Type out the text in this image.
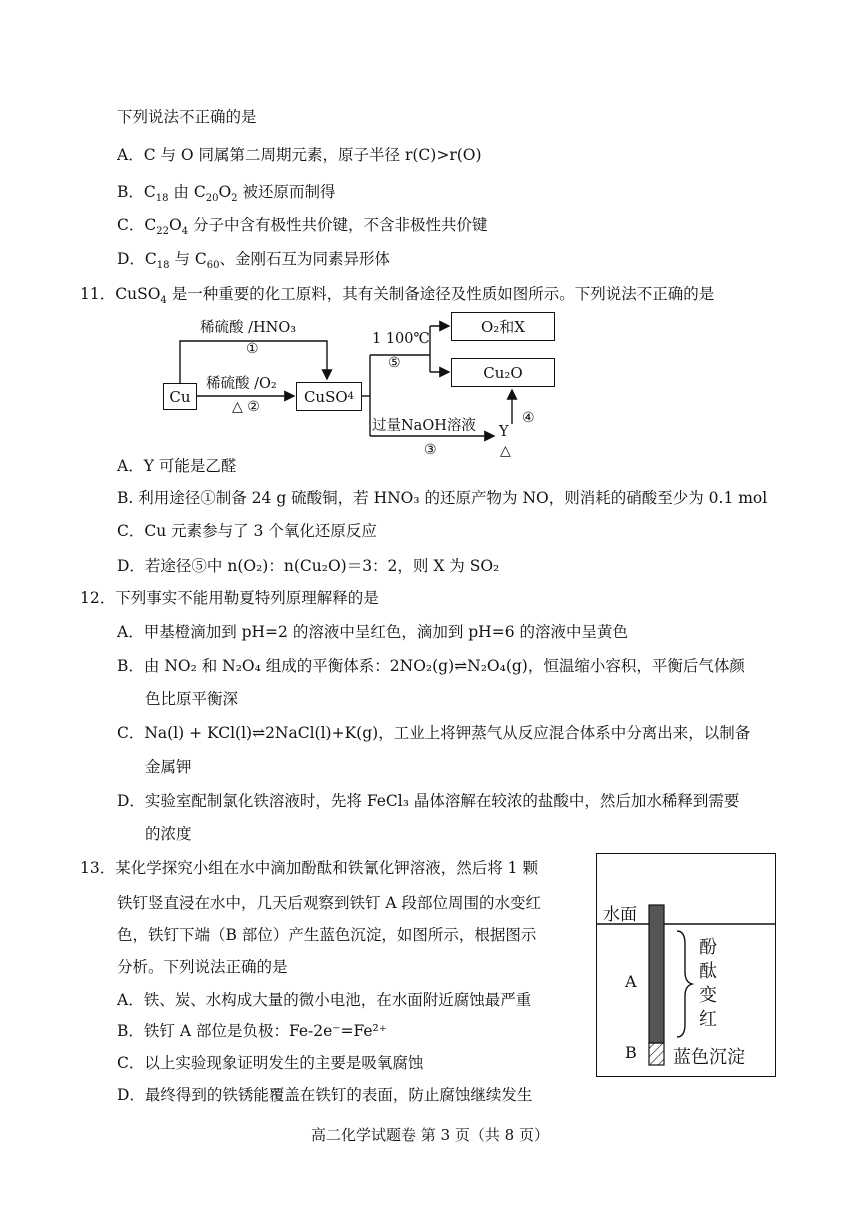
下列说法不正确的是
A．C 与 O 同属第二周期元素，原子半径 r(C)>r(O)
B．$C_{18}$ 由 $C_{20}O_2$ 被还原而制得
C．$C_{22}O_4$ 分子中含有极性共价键，不含非极性共价键
D．$C_{18}$ 与 $C_{60}$、金刚石互为同素异形体
11．CuSO$_4$ 是一种重要的化工原料，其有关制备途径及性质如图所示。下列说法不正确的是
Cu	CuSO 4
O₂和X
Cu₂O
稀硫酸 /HNO₃
①
稀硫酸 /O₂
△ ②
1 100℃
⑤
过量NaOH溶液
③
Y
△
④
A．Y 可能是乙醛
B. 利用途径①制备 24 g 硫酸铜，若 HNO₃ 的还原产物为 NO，则消耗的硝酸至少为 0.1 mol
C．Cu 元素参与了 3 个氧化还原反应
D．若途径⑤中 n(O₂)：n(Cu₂O)＝3：2，则 X 为 SO₂
12．下列事实不能用勒夏特列原理解释的是
A．甲基橙滴加到 pH=2 的溶液中呈红色，滴加到 pH=6 的溶液中呈黄色
B．由 NO₂ 和 N₂O₄ 组成的平衡体系：2NO₂(g)⇌N₂O₄(g)，恒温缩小容积，平衡后气体颜
色比原平衡深
C．Na(l) + KCl(l)⇌2NaCl(l)+K(g)，工业上将钾蒸气从反应混合体系中分离出来，以制备
金属钾
D．实验室配制氯化铁溶液时，先将 FeCl₃ 晶体溶解在较浓的盐酸中，然后加水稀释到需要
的浓度
13．某化学探究小组在水中滴加酚酞和铁氰化钾溶液，然后将 1 颗
铁钉竖直浸在水中，几天后观察到铁钉 A 段部位周围的水变红
色，铁钉下端（B 部位）产生蓝色沉淀，如图所示，根据图示
分析。下列说法正确的是
A．铁、炭、水构成大量的微小电池，在水面附近腐蚀最严重
B．铁钉 A 部位是负极：Fe-2e⁻=Fe²⁺
C．以上实验现象证明发生的主要是吸氧腐蚀
D．最终得到的铁锈能覆盖在铁钉的表面，防止腐蚀继续发生
水面
A
B
酚
酞
变
红
蓝色沉淀
高二化学试题卷 第 3 页（共 8 页）
